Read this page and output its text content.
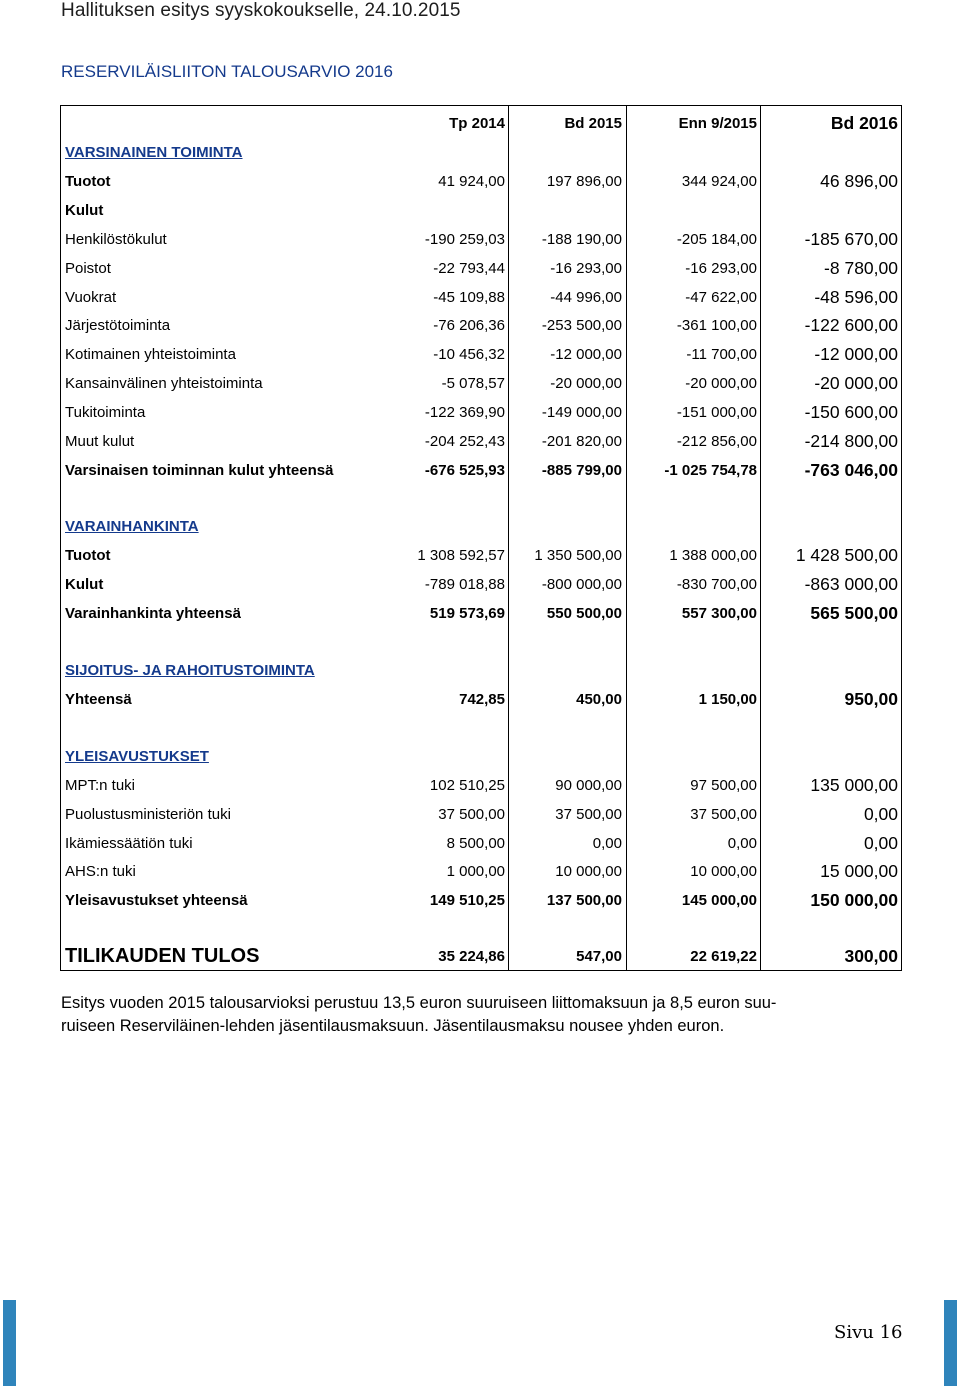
Hallituksen esitys syyskokoukselle, 24.10.2015
RESERVILÄISLIITON TALOUSARVIO 2016
Tp 2014	Bd 2015	Enn 9/2015	Bd 2016
VARSINAINEN TOIMINTA
Tuotot	41 924,00	197 896,00	344 924,00	46 896,00
Kulut
Henkilöstökulut	-190 259,03	-188 190,00	-205 184,00	-185 670,00
Poistot	-22 793,44	-16 293,00	-16 293,00	-8 780,00
Vuokrat	-45 109,88	-44 996,00	-47 622,00	-48 596,00
Järjestötoiminta	-76 206,36	-253 500,00	-361 100,00	-122 600,00
Kotimainen yhteistoiminta	-10 456,32	-12 000,00	-11 700,00	-12 000,00
Kansainvälinen yhteistoiminta	-5 078,57	-20 000,00	-20 000,00	-20 000,00
Tukitoiminta	-122 369,90	-149 000,00	-151 000,00	-150 600,00
Muut kulut	-204 252,43	-201 820,00	-212 856,00	-214 800,00
Varsinaisen toiminnan kulut yhteensä	-676 525,93	-885 799,00	-1 025 754,78	-763 046,00
VARAINHANKINTA
Tuotot	1 308 592,57	1 350 500,00	1 388 000,00	1 428 500,00
Kulut	-789 018,88	-800 000,00	-830 700,00	-863 000,00
Varainhankinta yhteensä	519 573,69	550 500,00	557 300,00	565 500,00
SIJOITUS- JA RAHOITUSTOIMINTA
Yhteensä	742,85	450,00	1 150,00	950,00
YLEISAVUSTUKSET
MPT:n tuki	102 510,25	90 000,00	97 500,00	135 000,00
Puolustusministeriön tuki	37 500,00	37 500,00	37 500,00	0,00
Ikämiessäätiön tuki	8 500,00	0,00	0,00	0,00
AHS:n tuki	1 000,00	10 000,00	10 000,00	15 000,00
Yleisavustukset yhteensä	149 510,25	137 500,00	145 000,00	150 000,00
TILIKAUDEN TULOS	35 224,86	547,00	22 619,22	300,00

Esitys vuoden 2015 talousarvioksi perustuu 13,5 euron suuruiseen liittomaksuun ja 8,5 euron suu-

ruiseen Reserviläinen-lehden jäsentilausmaksuun. Jäsentilausmaksu nousee yhden euron.

Sivu 16
